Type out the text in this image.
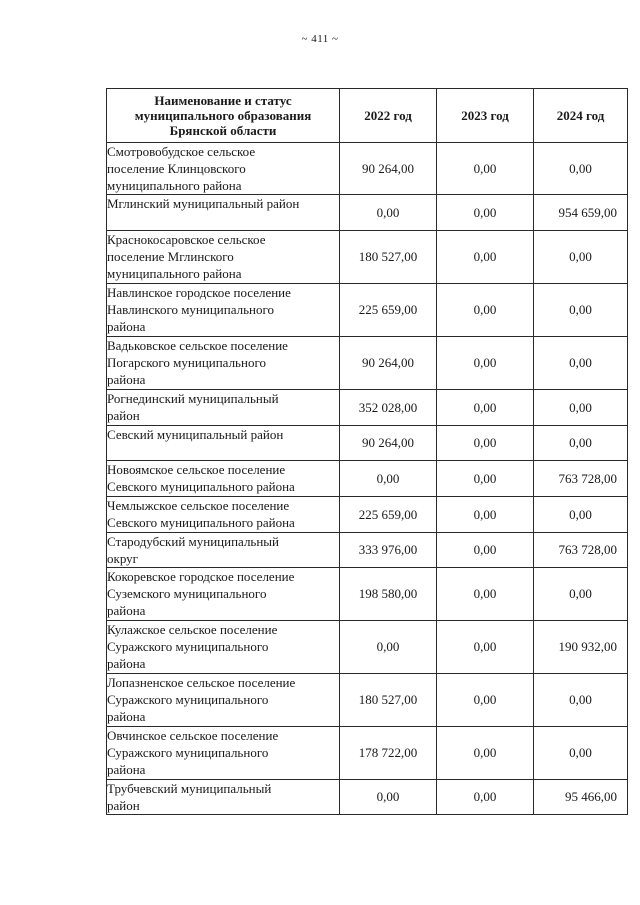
~ 411 ~
Наименование и статус
муниципального образования
Брянской области	2022 год	2023 год	2024 год
Смотровобудское сельское
поселение Клинцовского
муниципального района	90 264,00	0,00	0,00
Мглинский муниципальный район	0,00	0,00	954 659,00
Краснокосаровское сельское
поселение Мглинского
муниципального района	180 527,00	0,00	0,00
Навлинское городское поселение
Навлинского муниципального
района	225 659,00	0,00	0,00
Вадьковское сельское поселение
Погарского муниципального
района	90 264,00	0,00	0,00
Рогнединский муниципальный
район	352 028,00	0,00	0,00
Севский муниципальный район	90 264,00	0,00	0,00
Новоямское сельское поселение
Севского муниципального района	0,00	0,00	763 728,00
Чемлыжское сельское поселение
Севского муниципального района	225 659,00	0,00	0,00
Стародубский муниципальный
округ	333 976,00	0,00	763 728,00
Кокоревское городское поселение
Суземского муниципального
района	198 580,00	0,00	0,00
Кулажское сельское поселение
Суражского муниципального
района	0,00	0,00	190 932,00
Лопазненское сельское поселение
Суражского муниципального
района	180 527,00	0,00	0,00
Овчинское сельское поселение
Суражского муниципального
района	178 722,00	0,00	0,00
Трубчевский муниципальный
район	0,00	0,00	95 466,00
